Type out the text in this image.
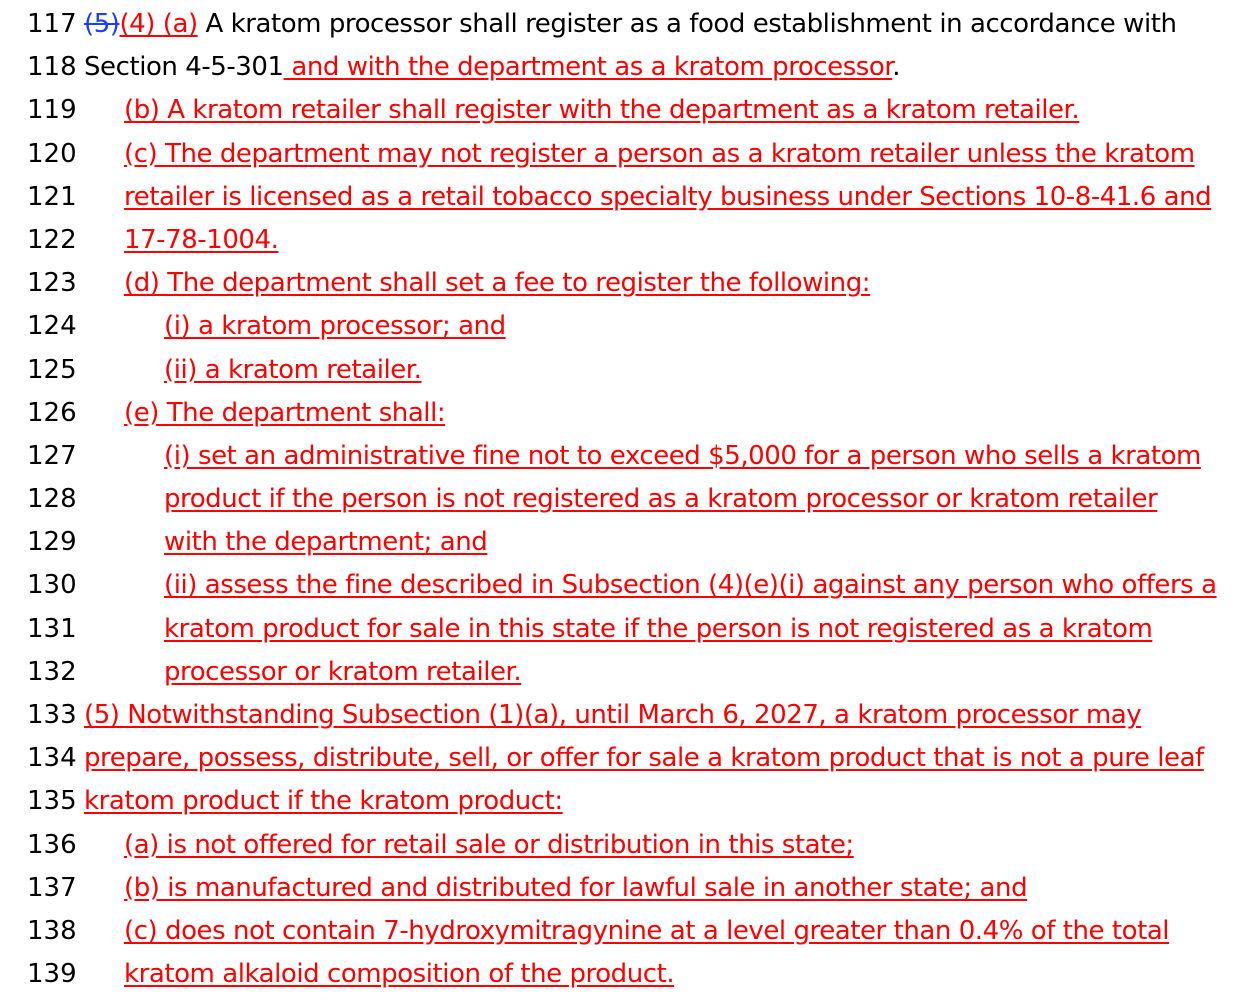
117 (5)(4) (a) A kratom processor shall register as a food establishment in accordance with
118 Section 4-5-301 and with the department as a kratom processor.
119 (b) A kratom retailer shall register with the department as a kratom retailer.
120 (c) The department may not register a person as a kratom retailer unless the kratom
121 retailer is licensed as a retail tobacco specialty business under Sections 10-8-41.6 and
122 17-78-1004.
123 (d) The department shall set a fee to register the following:
124	(i) a kratom processor; and
125	(ii) a kratom retailer.
126 (e) The department shall:
127	(i) set an administrative fine not to exceed $5,000 for a person who sells a kratom
128	product if the person is not registered as a kratom processor or kratom retailer
129	with the department; and
130	(ii) assess the fine described in Subsection (4)(e)(i) against any person who offers a
131	kratom product for sale in this state if the person is not registered as a kratom
132	processor or kratom retailer.
133 (5) Notwithstanding Subsection (1)(a), until March 6, 2027, a kratom processor may
134 prepare, possess, distribute, sell, or offer for sale a kratom product that is not a pure leaf
135 kratom product if the kratom product:
136 (a) is not offered for retail sale or distribution in this state;
137 (b) is manufactured and distributed for lawful sale in another state; and
138 (c) does not contain 7-hydroxymitragynine at a level greater than 0.4% of the total
139 kratom alkaloid composition of the product.
